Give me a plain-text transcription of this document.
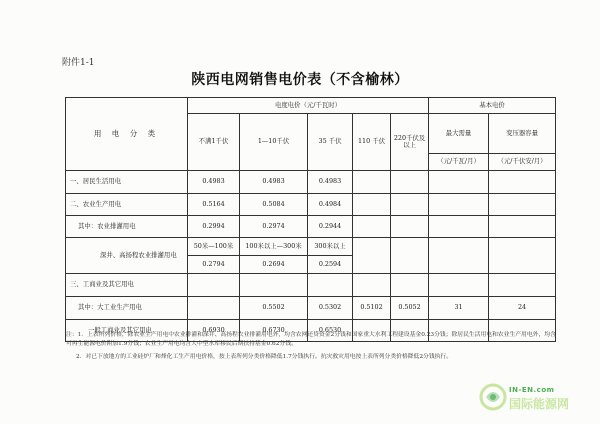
附件1-1
陕西电网销售电价表（不含榆林）
用 电 分 类	电度电价（元/千瓦时）					基本电价	
	不满1千伏	1—10千伏	35 千伏	110 千伏	220千伏及以上	最大需量	变压器容量
						（元/千瓦/月）	（元/千伏安/月）
一、居民生活用电	0.4983	0.4983	0.4983				
二、农业生产用电	0.5164	0.5084	0.4984				
其中：农业排灌用电	0.2994	0.2974	0.2944				
深井、高扬程农业排灌用电	50米—100米	100米以上—300米	300米以上				
	0.2794	0.2694	0.2594				
三、工商业及其它用电							
其中：大工业生产用电		0.5502	0.5302	0.5102	0.5052	31	24
一般工商业及其它用电	0.6930	0.6730	0.6530				

注：1．上表所列价格，除农业生产用电中农业排灌和深井、高扬程农业排灌用电外，均含农网还贷资金2分钱和国家重大水利工程建设基金0.23分钱；除居民生活用电和农业生产用电外，均含可再生能源电价附加1.9分钱；农业生产用电均含大中型水库移民后期扶持基金0.62分钱。

2．对已下放地方的工业硅炉厂和烽化工生产用电价格，按上表所列分类价格降低1.7分钱执行。抗灾救灾用电按上表所列分类价格降低2分钱执行。

IN-EN.com
国际能源网
